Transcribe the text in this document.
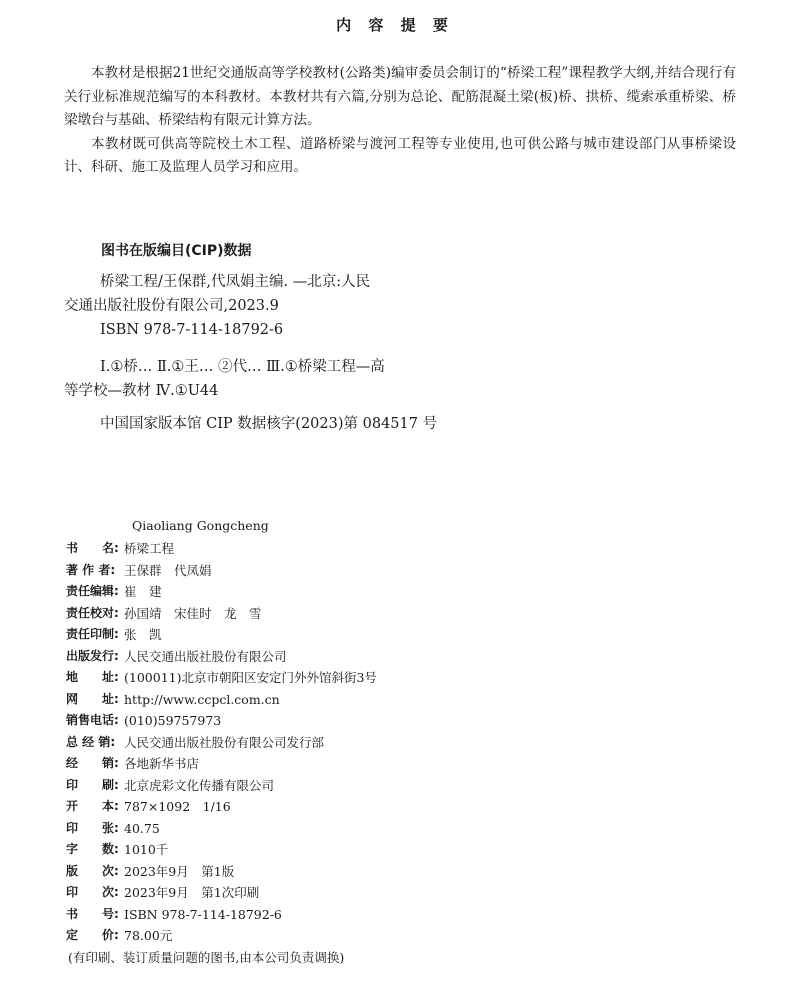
内 容 提 要

本教材是根据21世纪交通版高等学校教材(公路类)编审委员会制订的“桥梁工程”课程教学大纲,并结合现行有关行业标准规范编写的本科教材。本教材共有六篇,分别为总论、配筋混凝土梁(板)桥、拱桥、缆索承重桥梁、桥梁墩台与基础、桥梁结构有限元计算方法。

本教材既可供高等院校土木工程、道路桥梁与渡河工程等专业使用,也可供公路与城市建设部门从事桥梁设计、科研、施工及监理人员学习和应用。

图书在版编目(CIP)数据
桥梁工程/王保群,代凤娟主编. —北京:人民
交通出版社股份有限公司,2023.9
ISBN 978-7-114-18792-6
Ⅰ.①桥… Ⅱ.①王… ②代… Ⅲ.①桥梁工程—高
等学校—教材 Ⅳ.①U44
中国国家版本馆 CIP 数据核字(2023)第 084517 号
Qiaoliang Gongcheng
书　　名: 桥梁工程
著 作 者: 王保群　代凤娟
责任编辑: 崔　建
责任校对: 孙国靖　宋佳时　龙　雪
责任印制: 张　凯
出版发行: 人民交通出版社股份有限公司
地　　址: (100011)北京市朝阳区安定门外外馆斜街3号
网　　址: http://www.ccpcl.com.cn
销售电话: (010)59757973
总 经 销: 人民交通出版社股份有限公司发行部
经　　销: 各地新华书店
印　　刷: 北京虎彩文化传播有限公司
开　　本: 787×1092　1/16
印　　张: 40.75
字　　数: 1010千
版　　次: 2023年9月　第1版
印　　次: 2023年9月　第1次印刷
书　　号: ISBN 978-7-114-18792-6
定　　价: 78.00元
(有印刷、装订质量问题的图书,由本公司负责调换)
